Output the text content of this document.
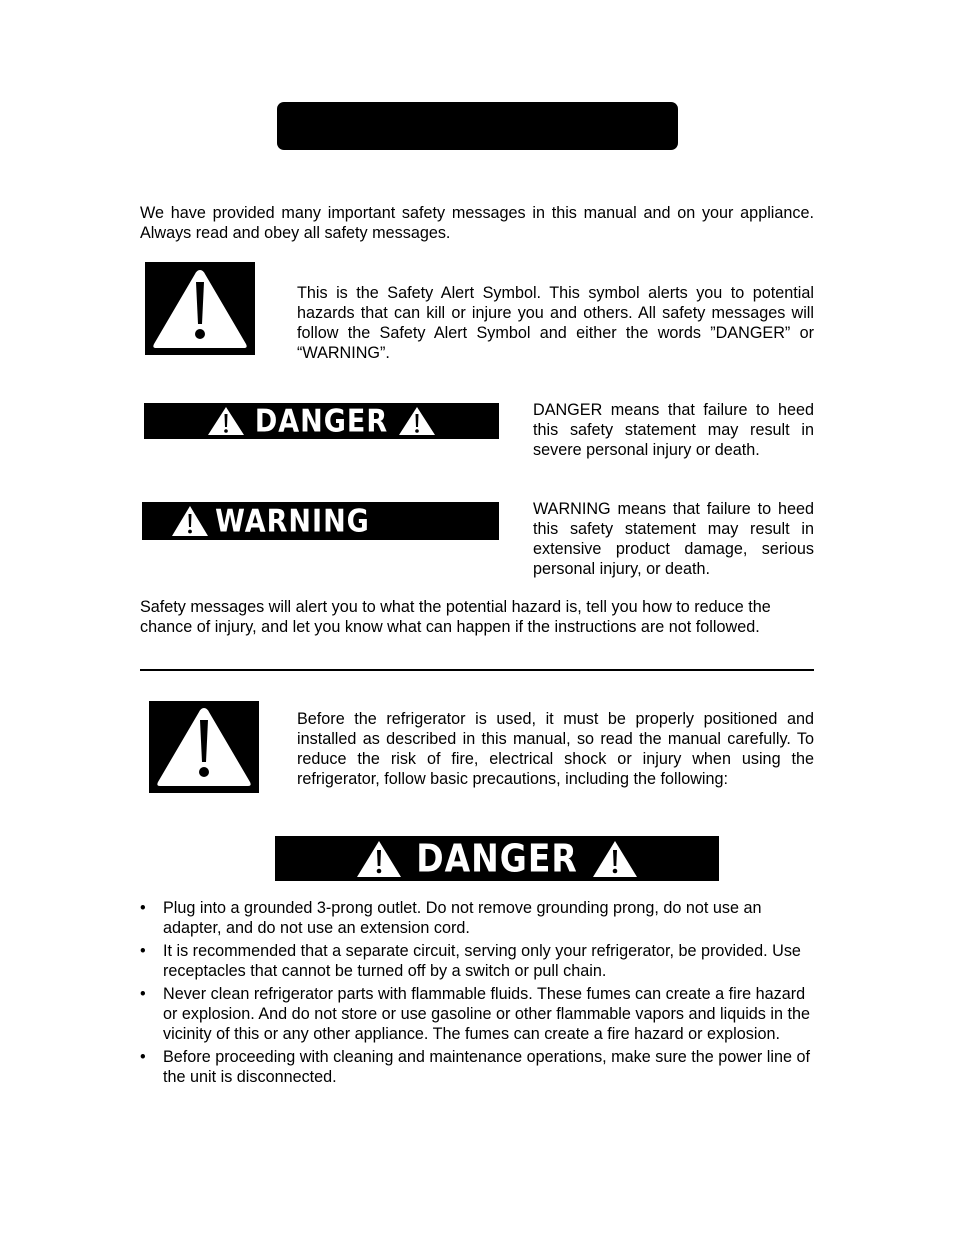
We have provided many important safety messages in this manual and on your appliance. Always read and obey all safety messages.

This is the Safety Alert Symbol. This symbol alerts you to potential hazards that can kill or injure you and others. All safety messages will follow the Safety Alert Symbol and either the words ”DANGER” or “WARNING”.

DANGER	DANGER means that failure to heed this safety statement may result in severe personal injury or death.

WARNING	WARNING means that failure to heed this safety statement may result in extensive product damage, serious personal injury, or death.

Safety messages will alert you to what the potential hazard is, tell you how to reduce the chance of injury, and let you know what can happen if the instructions are not followed.

Before the refrigerator is used, it must be properly positioned and installed as described in this manual, so read the manual carefully. To reduce the risk of fire, electrical shock or injury when using the refrigerator, follow basic precautions, including the following:

DANGER
• Plug into a grounded 3-prong outlet. Do not remove grounding prong, do not use an adapter, and do not use an extension cord.
• It is recommended that a separate circuit, serving only your refrigerator, be provided. Use receptacles that cannot be turned off by a switch or pull chain.
• Never clean refrigerator parts with flammable fluids. These fumes can create a fire hazard or explosion. And do not store or use gasoline or other flammable vapors and liquids in the vicinity of this or any other appliance. The fumes can create a fire hazard or explosion.
• Before proceeding with cleaning and maintenance operations, make sure the power line of the unit is disconnected.
